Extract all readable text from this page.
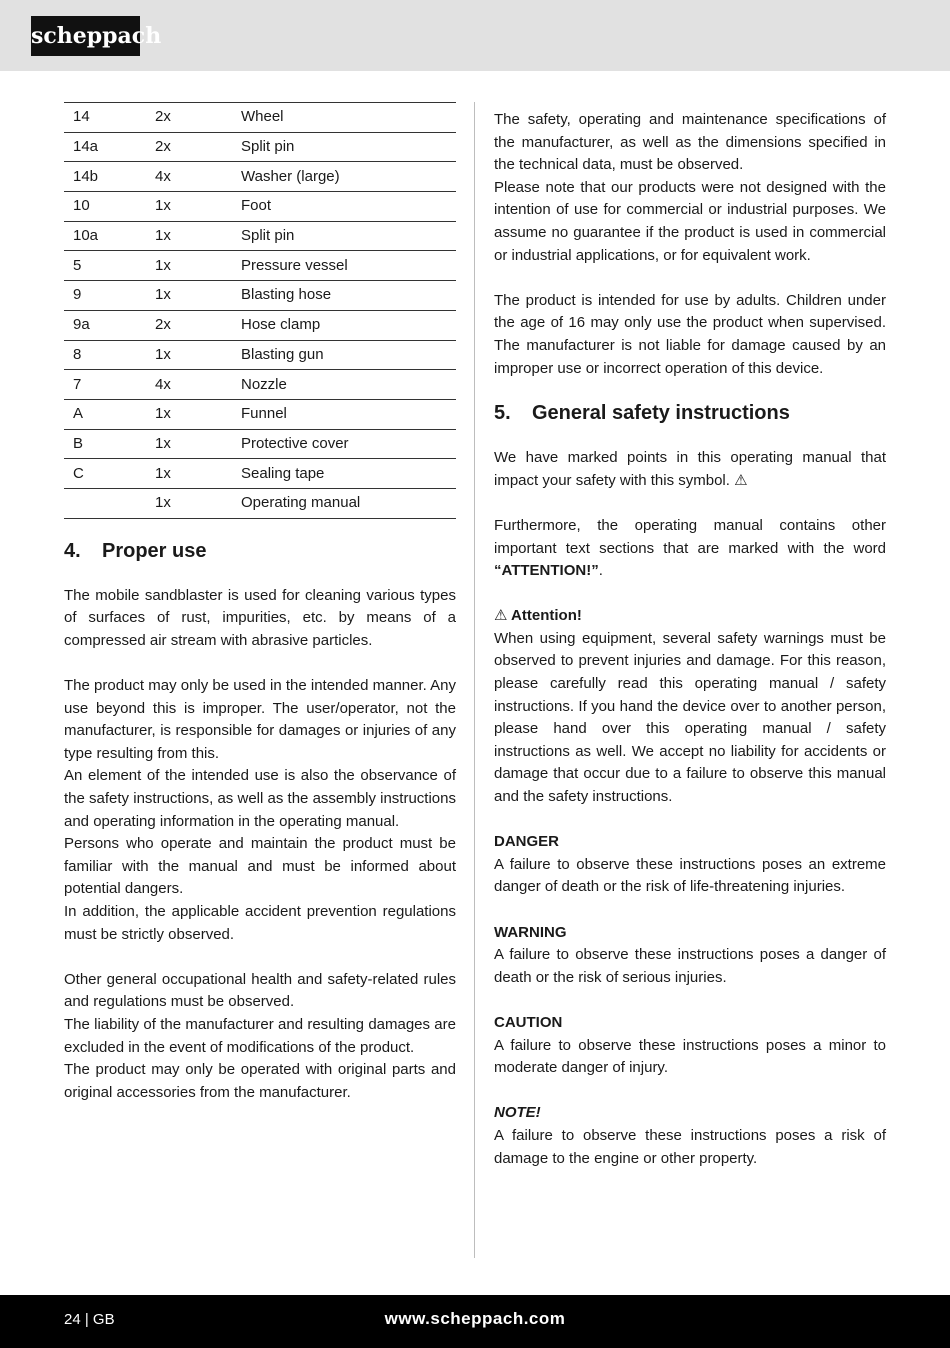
scheppach
14	2x	Wheel
14a	2x	Split pin
14b	4x	Washer (large)
10	1x	Foot
10a	1x	Split pin
5	1x	Pressure vessel
9	1x	Blasting hose
9a	2x	Hose clamp
8	1x	Blasting gun
7	4x	Nozzle
A	1x	Funnel
B	1x	Protective cover
C	1x	Sealing tape
	1x	Operating manual
4. Proper use

The mobile sandblaster is used for cleaning various types of surfaces of rust, impurities, etc. by means of a compressed air stream with abrasive particles.

The product may only be used in the intended manner. Any use beyond this is improper. The user/operator, not the manufacturer, is responsible for damages or injuries of any type resulting from this.

An element of the intended use is also the observance of the safety instructions, as well as the assembly instructions and operating information in the operating manual.

Persons who operate and maintain the product must be familiar with the manual and must be informed about potential dangers.

In addition, the applicable accident prevention regulations must be strictly observed.

Other general occupational health and safety-related rules and regulations must be observed.

The liability of the manufacturer and resulting damages are excluded in the event of modifications of the product.

The product may only be operated with original parts and original accessories from the manufacturer.

The safety, operating and maintenance specifications of the manufacturer, as well as the dimensions specified in the technical data, must be observed.

Please note that our products were not designed with the intention of use for commercial or industrial purposes. We assume no guarantee if the product is used in commercial or industrial applications, or for equivalent work.

The product is intended for use by adults. Children under the age of 16 may only use the product when supervised. The manufacturer is not liable for damage caused by an improper use or incorrect operation of this device.

5. General safety instructions

We have marked points in this operating manual that impact your safety with this symbol. ⚠

Furthermore, the operating manual contains other important text sections that are marked with the word “ATTENTION!”.

⚠ Attention!

When using equipment, several safety warnings must be observed to prevent injuries and damage. For this reason, please carefully read this operating manual / safety instructions. If you hand the device over to another person, please hand over this operating manual / safety instructions as well. We accept no liability for accidents or damage that occur due to a failure to observe this manual and the safety instructions.

DANGER

A failure to observe these instructions poses an extreme danger of death or the risk of life-threatening injuries.

WARNING

A failure to observe these instructions poses a danger of death or the risk of serious injuries.

CAUTION

A failure to observe these instructions poses a minor to moderate danger of injury.

NOTE!

A failure to observe these instructions poses a risk of damage to the engine or other property.

24 | GB	www.scheppach.com
